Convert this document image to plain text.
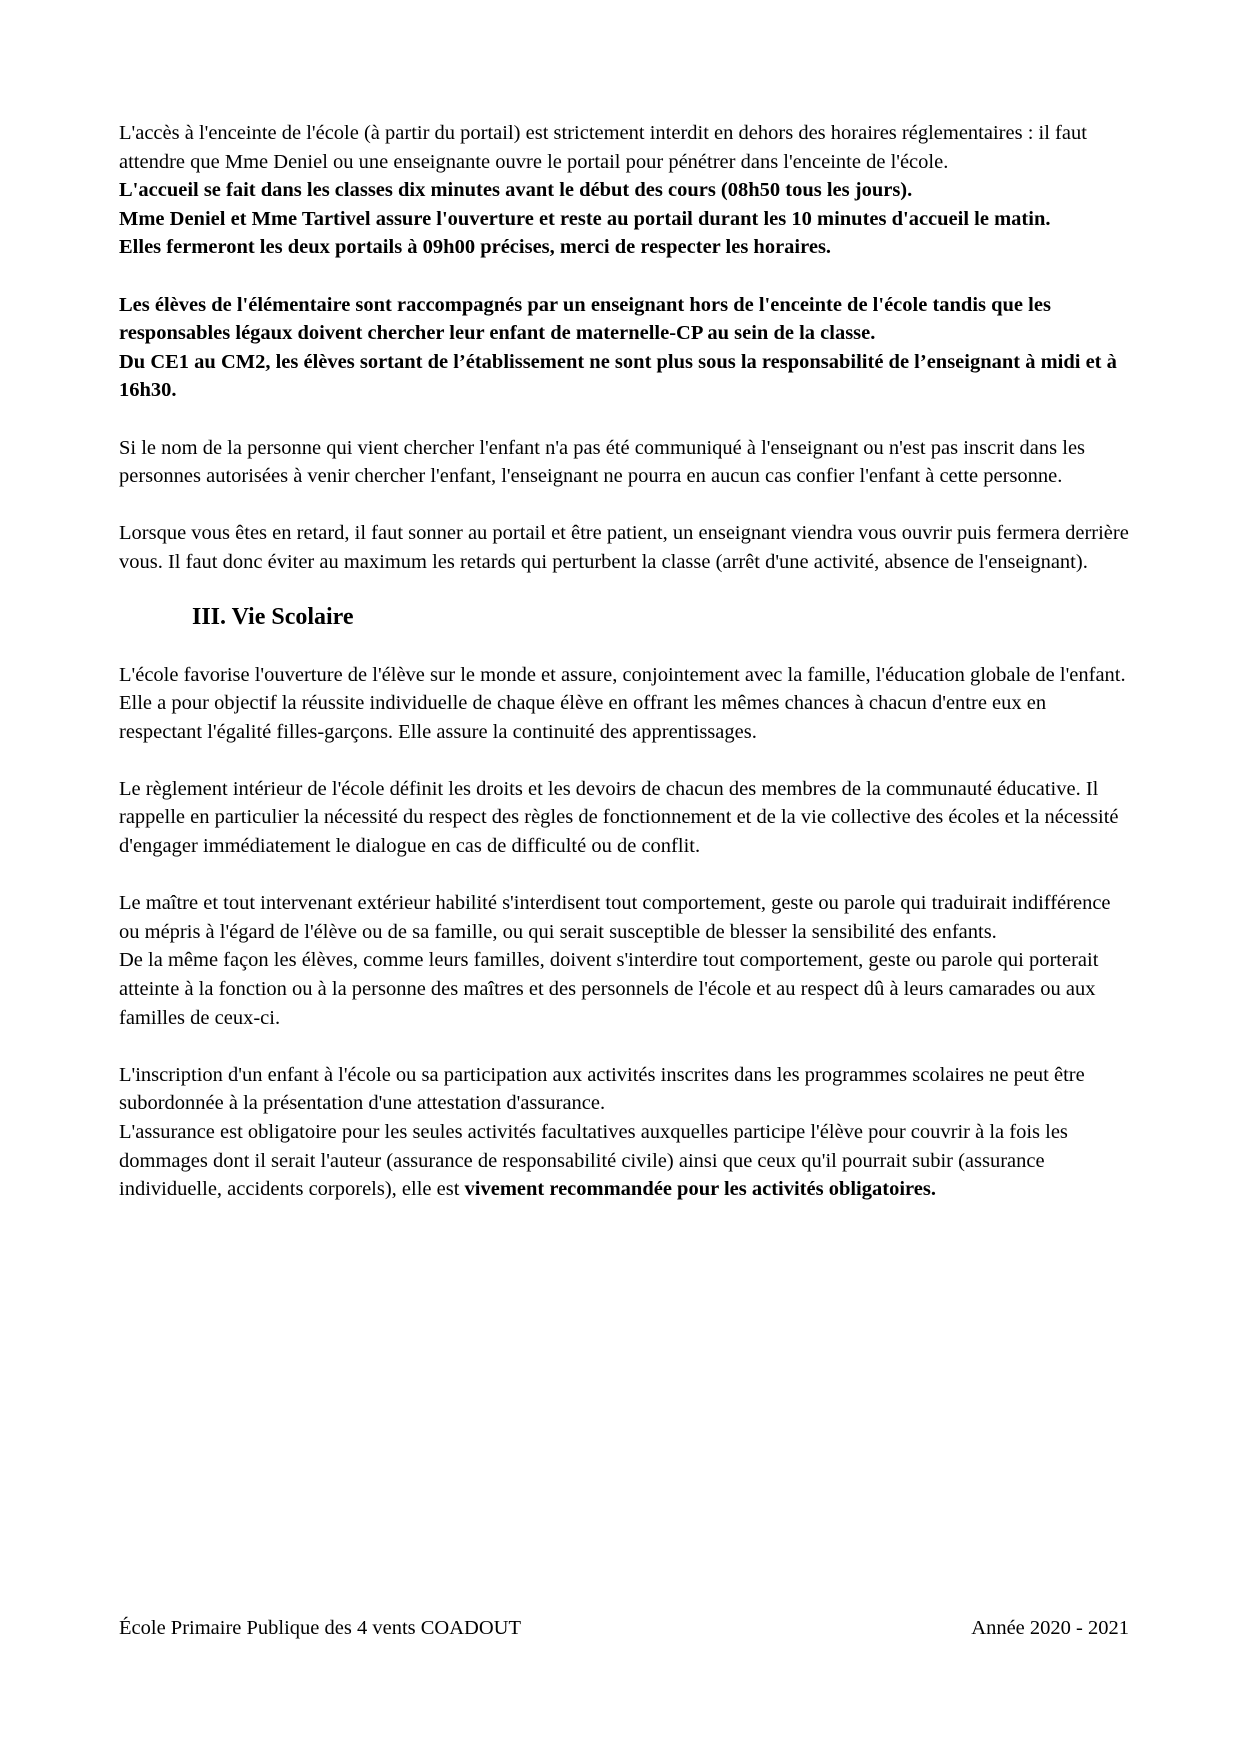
L'accès à l'enceinte de l'école (à partir du portail) est strictement interdit en dehors des horaires réglementaires : il faut attendre que Mme Deniel ou une enseignante ouvre le portail pour pénétrer dans l'enceinte de l'école.

L'accueil se fait dans les classes dix minutes avant le début des cours (08h50 tous les jours).

Mme Deniel et Mme Tartivel assure l'ouverture et reste au portail durant les 10 minutes d'accueil le matin.

Elles fermeront les deux portails à 09h00 précises, merci de respecter les horaires.

Les élèves de l'élémentaire sont raccompagnés par un enseignant hors de l'enceinte de l'école tandis que les responsables légaux doivent chercher leur enfant de maternelle-CP au sein de la classe.

Du CE1 au CM2, les élèves sortant de l’établissement ne sont plus sous la responsabilité de l’enseignant à midi et à 16h30.

Si le nom de la personne qui vient chercher l'enfant n'a pas été communiqué à l'enseignant ou n'est pas inscrit dans les personnes autorisées à venir chercher l'enfant, l'enseignant ne pourra en aucun cas confier l'enfant à cette personne.

Lorsque vous êtes en retard, il faut sonner au portail et être patient, un enseignant viendra vous ouvrir puis fermera derrière vous. Il faut donc éviter au maximum les retards qui perturbent la classe (arrêt d'une activité, absence de l'enseignant).

III. Vie Scolaire

L'école favorise l'ouverture de l'élève sur le monde et assure, conjointement avec la famille, l'éducation globale de l'enfant. Elle a pour objectif la réussite individuelle de chaque élève en offrant les mêmes chances à chacun d'entre eux en respectant l'égalité filles-garçons. Elle assure la continuité des apprentissages.

Le règlement intérieur de l'école définit les droits et les devoirs de chacun des membres de la communauté éducative. Il rappelle en particulier la nécessité du respect des règles de fonctionnement et de la vie collective des écoles et la nécessité d'engager immédiatement le dialogue en cas de difficulté ou de conflit.

Le maître et tout intervenant extérieur habilité s'interdisent tout comportement, geste ou parole qui traduirait indifférence ou mépris à l'égard de l'élève ou de sa famille, ou qui serait susceptible de blesser la sensibilité des enfants.

De la même façon les élèves, comme leurs familles, doivent s'interdire tout comportement, geste ou parole qui porterait atteinte à la fonction ou à la personne des maîtres et des personnels de l'école et au respect dû à leurs camarades ou aux familles de ceux-ci.

L'inscription d'un enfant à l'école ou sa participation aux activités inscrites dans les programmes scolaires ne peut être subordonnée à la présentation d'une attestation d'assurance.

L'assurance est obligatoire pour les seules activités facultatives auxquelles participe l'élève pour couvrir à la fois les dommages dont il serait l'auteur (assurance de responsabilité civile) ainsi que ceux qu'il pourrait subir (assurance individuelle, accidents corporels), elle est vivement recommandée pour les activités obligatoires.

École Primaire Publique des 4 vents COADOUT	Année 2020 - 2021
